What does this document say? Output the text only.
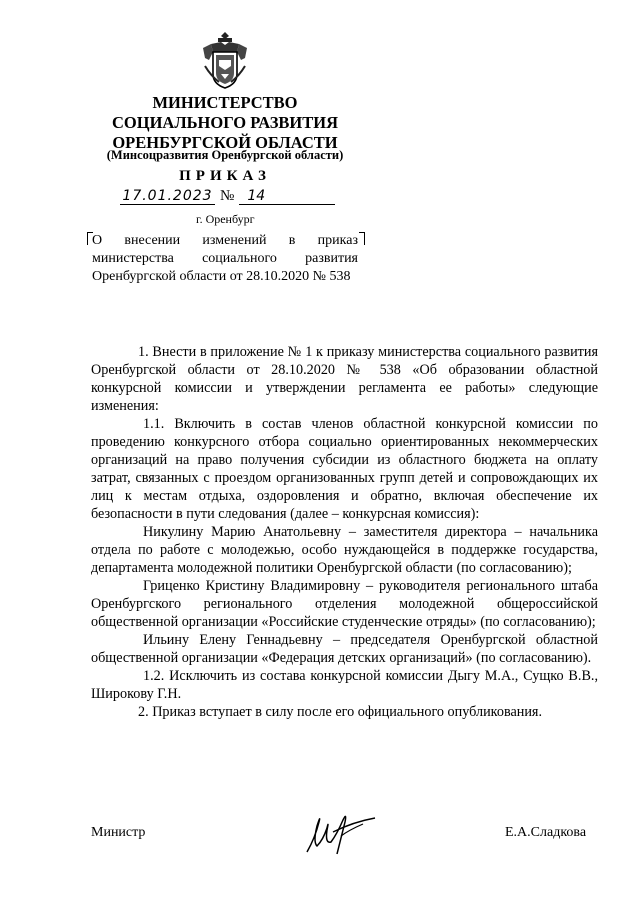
МИНИСТЕРСТВО
СОЦИАЛЬНОГО РАЗВИТИЯ
ОРЕНБУРГСКОЙ ОБЛАСТИ
(Минсоцразвития Оренбургской области)
ПРИКАЗ
17.01.2023 № 14
г. Оренбург
О внесении изменений в приказ министерства социального развития Оренбургской области от 28.10.2020 № 538

1. Внести в приложение № 1 к приказу министерства социального развития Оренбургской области от 28.10.2020 № 538 «Об образовании областной конкурсной комиссии и утверждении регламента ее работы» следующие изменения:

1.1. Включить в состав членов областной конкурсной комиссии по проведению конкурсного отбора социально ориентированных некоммерческих организаций на право получения субсидии из областного бюджета на оплату затрат, связанных с проездом организованных групп детей и сопровождающих их лиц к местам отдыха, оздоровления и обратно, включая обеспечение их безопасности в пути следования (далее – конкурсная комиссия):

Никулину Марию Анатольевну – заместителя директора – начальника отдела по работе с молодежью, особо нуждающейся в поддержке государства, департамента молодежной политики Оренбургской области (по согласованию);

Гриценко Кристину Владимировну – руководителя регионального штаба Оренбургского регионального отделения молодежной общероссийской общественной организации «Российские студенческие отряды» (по согласованию);

Ильину Елену Геннадьевну – председателя Оренбургской областной общественной организации «Федерация детских организаций» (по согласованию).

1.2. Исключить из состава конкурсной комиссии Дыгу М.А., Сущко В.В., Широкову Г.Н.

2. Приказ вступает в силу после его официального опубликования.

Министр	Е.А.Сладкова
